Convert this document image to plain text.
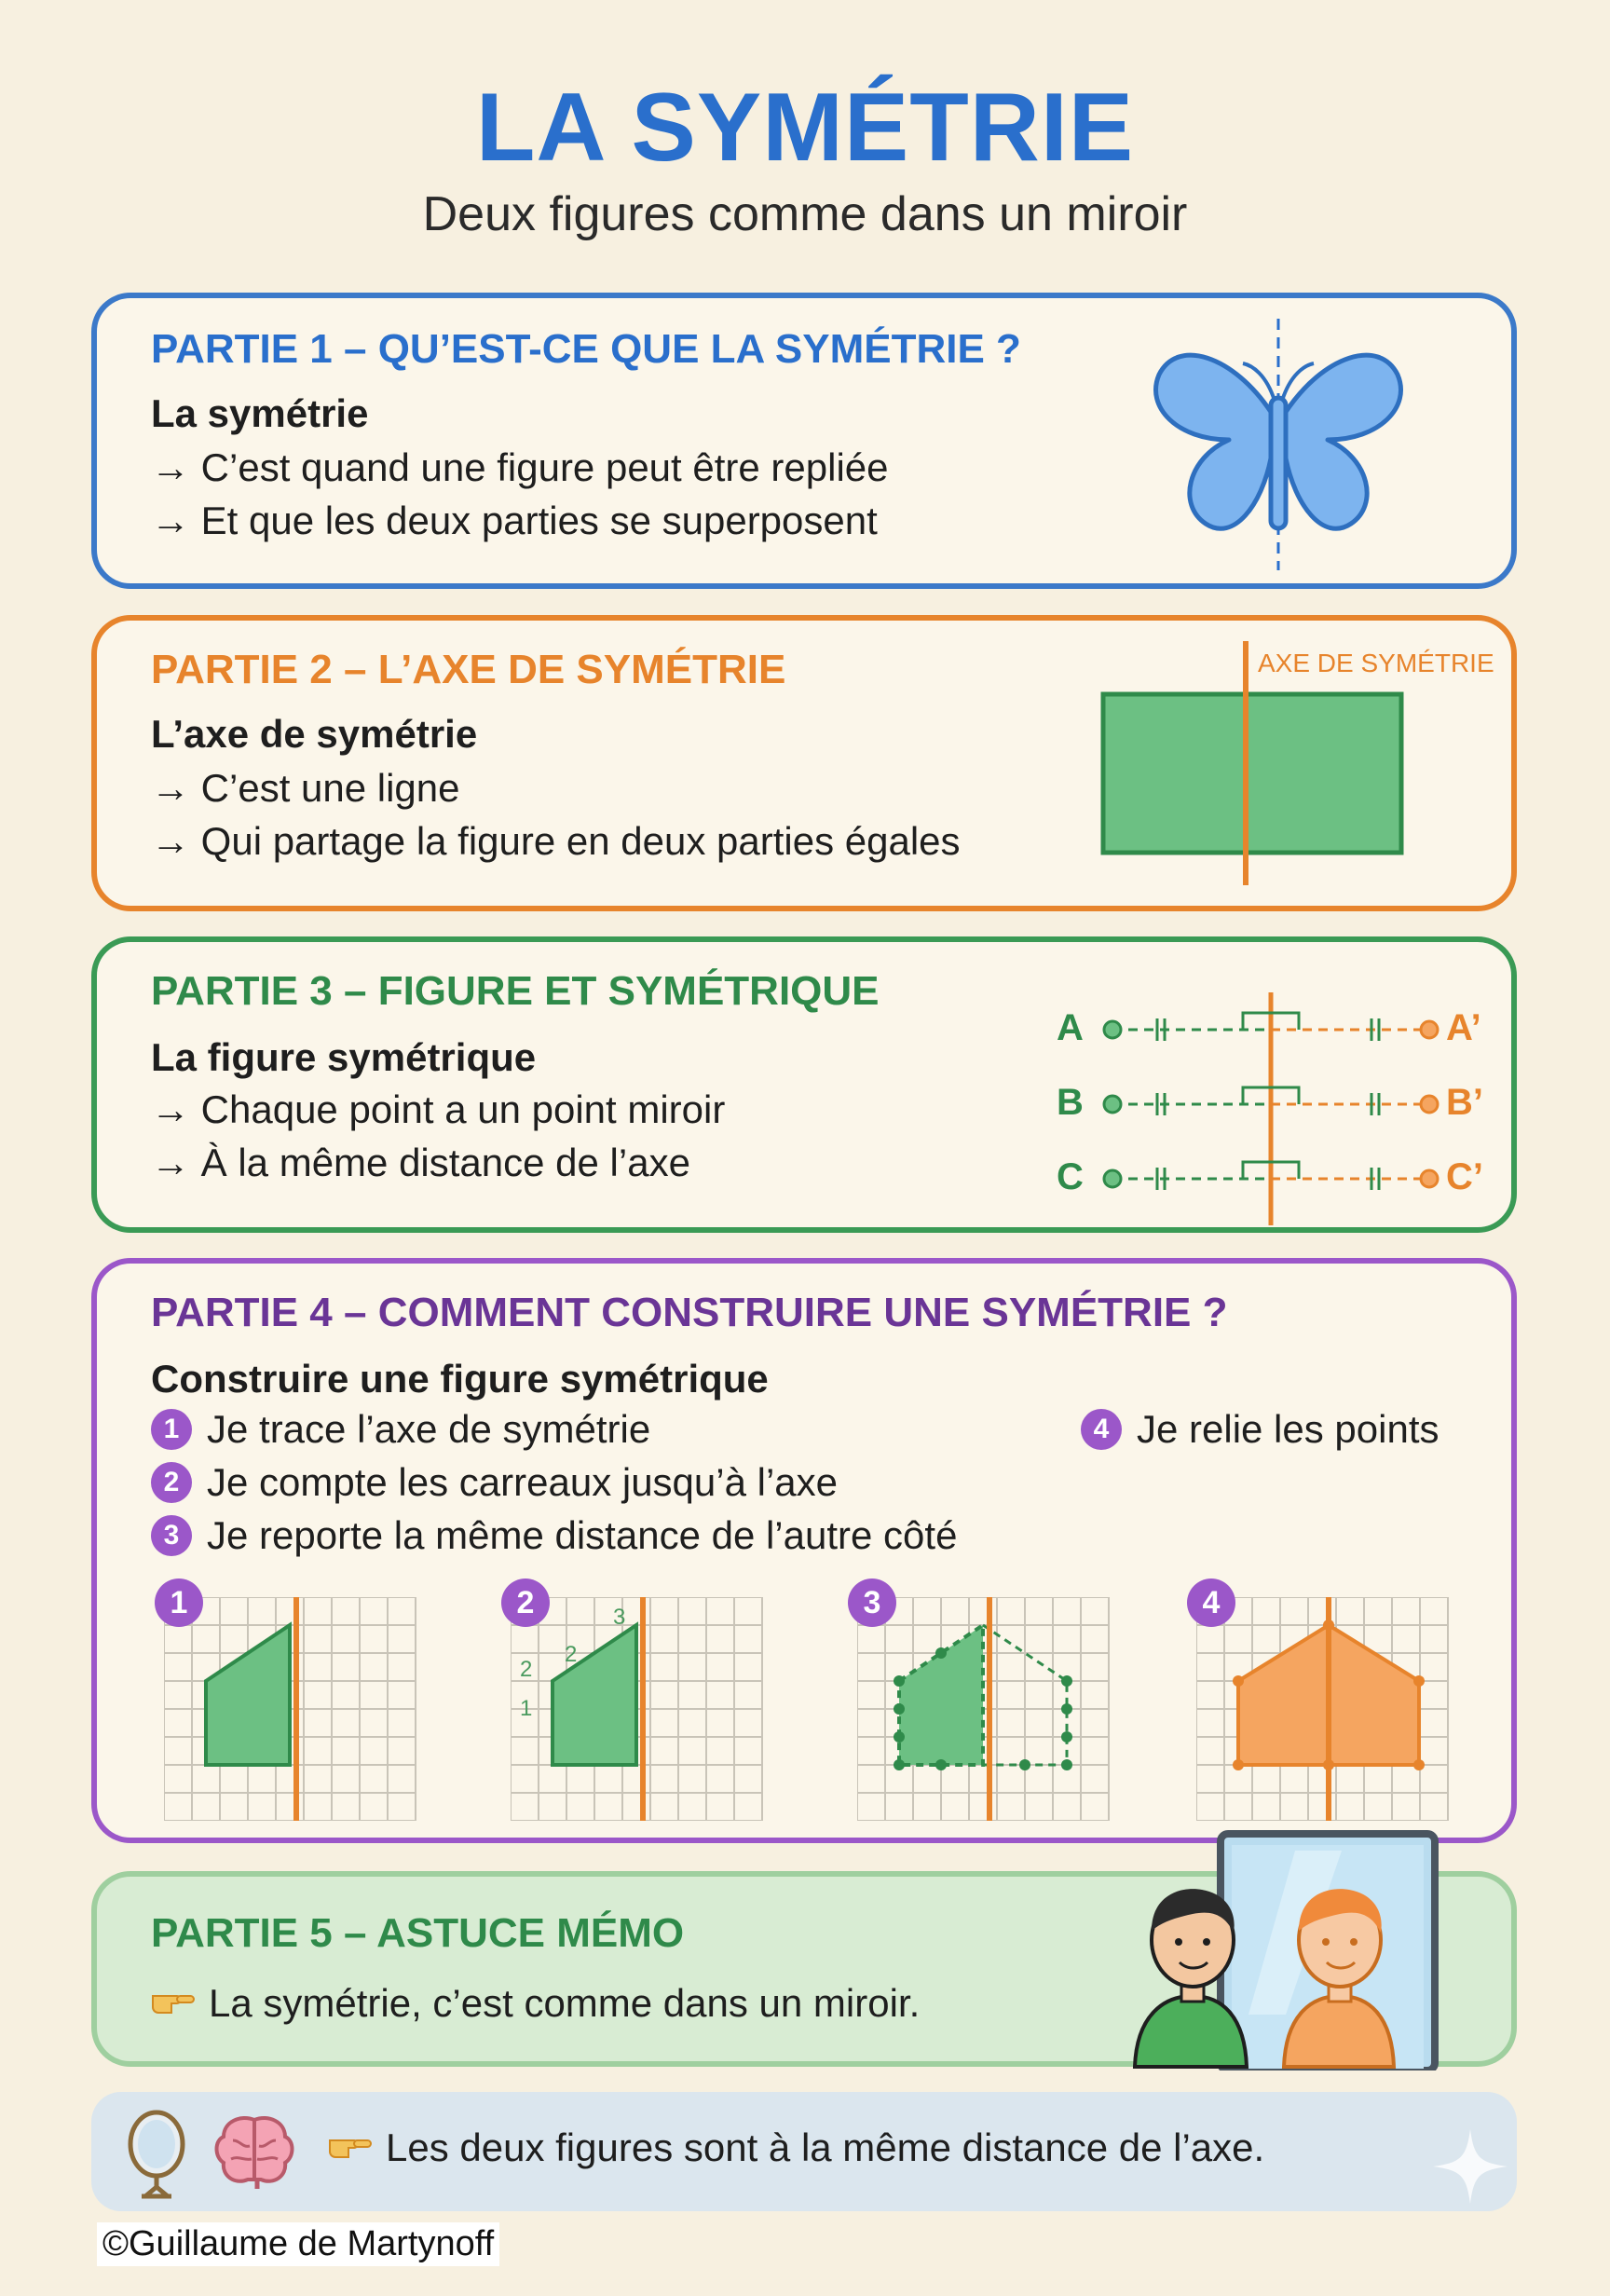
LA SYMÉTRIE
Deux figures comme dans un miroir
PARTIE 1 – QU’EST-CE QUE LA SYMÉTRIE ?
La symétrie
→ C’est quand une figure peut être repliée
→ Et que les deux parties se superposent
PARTIE 2 – L’AXE DE SYMÉTRIE
L’axe de symétrie
→ C’est une ligne
→ Qui partage la figure en deux parties égales
AXE DE SYMÉTRIE
PARTIE 3 – FIGURE ET SYMÉTRIQUE
La figure symétrique
→ Chaque point a un point miroir
→ À la même distance de l’axe
A
B
C
A’
B’
C’
PARTIE 4 – COMMENT CONSTRUIRE UNE SYMÉTRIE ?
Construire une figure symétrique
1 Je trace l’axe de symétrie
2 Je compte les carreaux jusqu’à l’axe
3 Je reporte la même distance de l’autre côté
4 Je relie les points
1	3
2
2
1
2	3	4
PARTIE 5 – ASTUCE MÉMO
La symétrie, c’est comme dans un miroir.
Les deux figures sont à la même distance de l’axe.
©Guillaume de Martynoff
